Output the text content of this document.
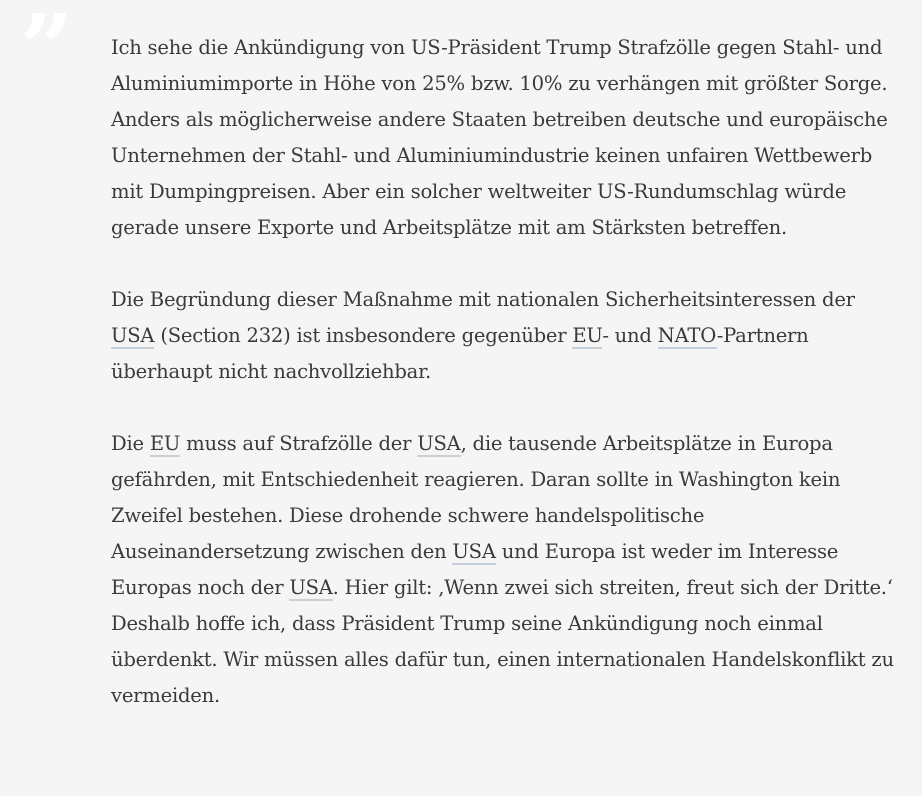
” Ich sehe die Ankündigung von US-Präsident Trump Strafzölle gegen Stahl- und Aluminiumimporte in Höhe von 25% bzw. 10% zu verhängen mit größter Sorge. Anders als möglicherweise andere Staaten betreiben deutsche und europäische Unternehmen der Stahl- und Aluminiumindustrie keinen unfairen Wettbewerb mit Dumpingpreisen. Aber ein solcher weltweiter US-Rundumschlag würde gerade unsere Exporte und Arbeitsplätze mit am Stärksten betreffen.

Die Begründung dieser Maßnahme mit nationalen Sicherheitsinteressen der USA (Section 232) ist insbesondere gegenüber EU- und NATO-Partnern überhaupt nicht nachvollziehbar.

Die EU muss auf Strafzölle der USA, die tausende Arbeitsplätze in Europa gefährden, mit Entschiedenheit reagieren. Daran sollte in Washington kein Zweifel bestehen. Diese drohende schwere handelspolitische Auseinandersetzung zwischen den USA und Europa ist weder im Interesse Europas noch der USA. Hier gilt: ‚Wenn zwei sich streiten, freut sich der Dritte.‘ Deshalb hoffe ich, dass Präsident Trump seine Ankündigung noch einmal überdenkt. Wir müssen alles dafür tun, einen internationalen Handelskonflikt zu vermeiden.
